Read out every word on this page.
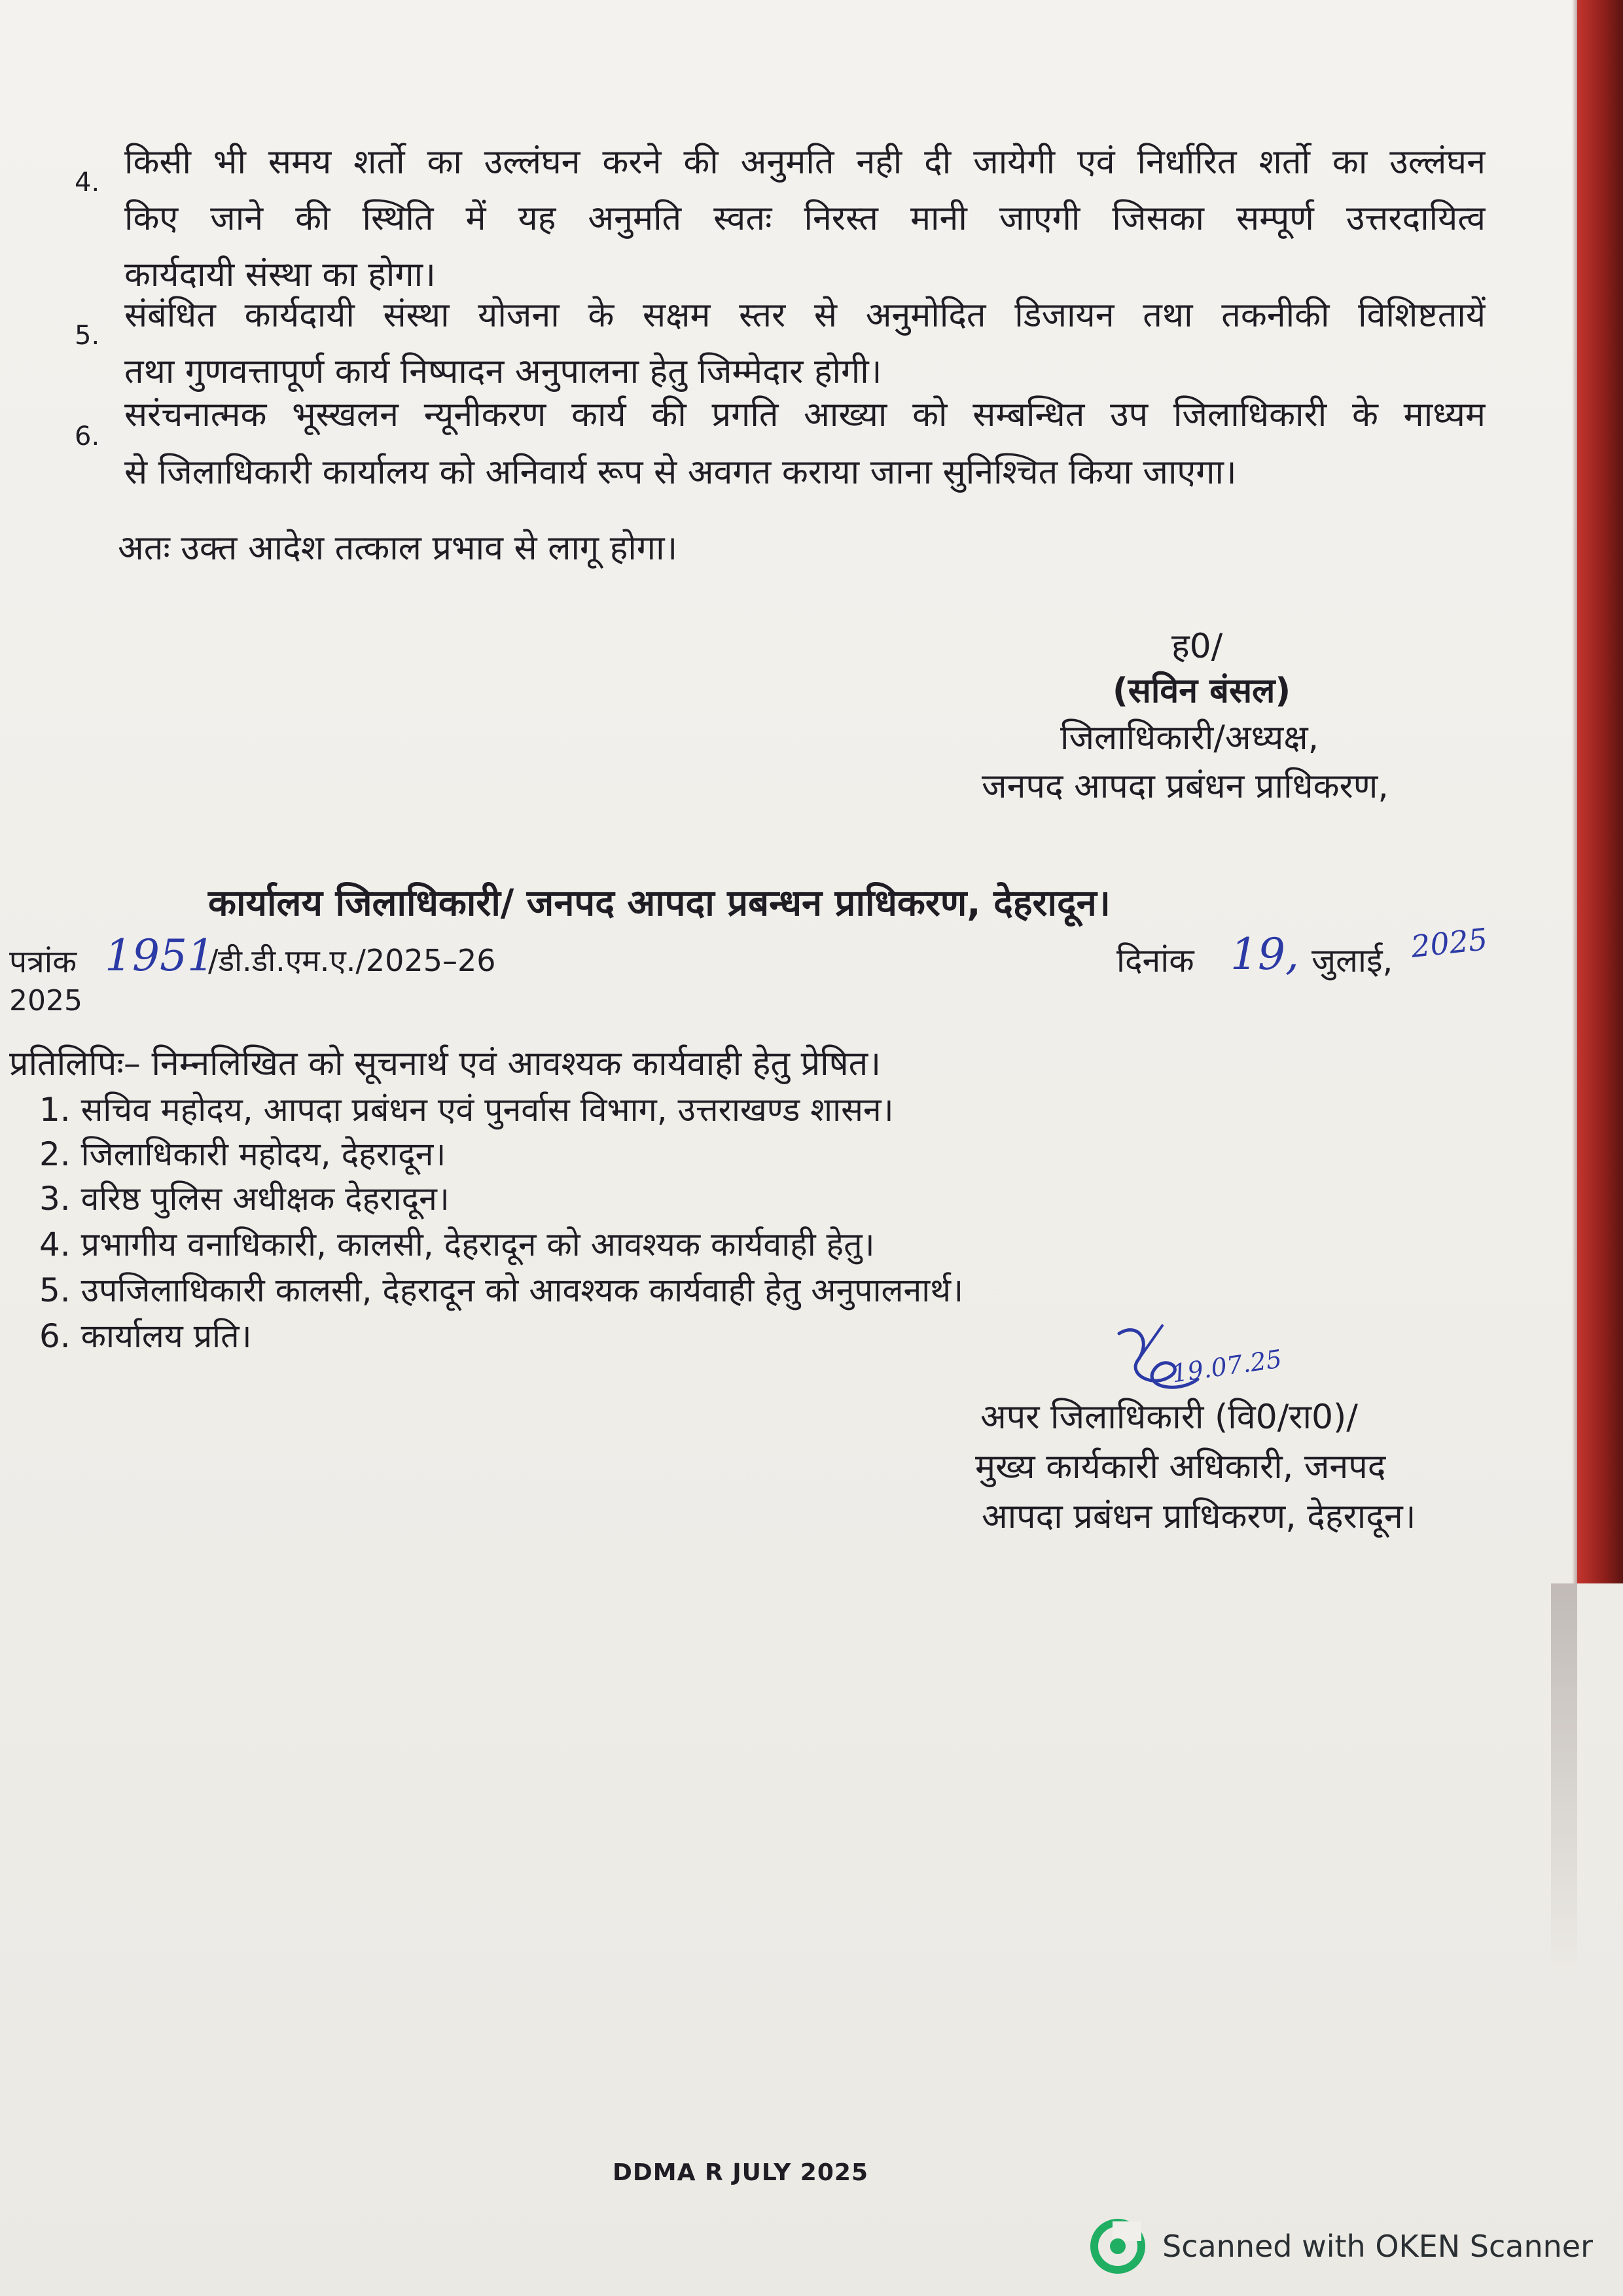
4.
किसी भी समय शर्तो का उल्लंघन करने की अनुमति नही दी जायेगी एवं निर्धारित शर्तो का उल्लंघन
किए जाने की स्थिति में यह अनुमति स्वतः निरस्त मानी जाएगी जिसका सम्पूर्ण उत्तरदायित्व
कार्यदायी संस्था का होगा।
5.
संबंधित कार्यदायी संस्था योजना के सक्षम स्तर से अनुमोदित डिजायन तथा तकनीकी विशिष्टतायें
तथा गुणवत्तापूर्ण कार्य निष्पादन अनुपालना हेतु जिम्मेदार होगी।
6.
सरंचनात्मक भूस्खलन न्यूनीकरण कार्य की प्रगति आख्या को सम्बन्धित उप जिलाधिकारी के माध्यम
से जिलाधिकारी कार्यालय को अनिवार्य रूप से अवगत कराया जाना सुनिश्चित किया जाएगा।
अतः उक्त आदेश तत्काल प्रभाव से लागू होगा।
ह0/
(सविन बंसल)
जिलाधिकारी/अध्यक्ष,
जनपद आपदा प्रबंधन प्राधिकरण,
कार्यालय जिलाधिकारी/ जनपद आपदा प्रबन्धन प्राधिकरण, देहरादून।
पत्रांक 1951
/डी.डी.एम.ए./2025–26
2025
दिनांक 19, जुलाई, 2025
प्रतिलिपिः– निम्नलिखित को सूचनार्थ एवं आवश्यक कार्यवाही हेतु प्रेषित।
1. सचिव महोदय, आपदा प्रबंधन एवं पुनर्वास विभाग, उत्तराखण्ड शासन।
2. जिलाधिकारी महोदय, देहरादून।
3. वरिष्ठ पुलिस अधीक्षक देहरादून।
4. प्रभागीय वनाधिकारी, कालसी, देहरादून को आवश्यक कार्यवाही हेतु।
5. उपजिलाधिकारी कालसी, देहरादून को आवश्यक कार्यवाही हेतु अनुपालनार्थ।
6. कार्यालय प्रति।
19.07.25
अपर जिलाधिकारी (वि0/रा0)/
मुख्य कार्यकारी अधिकारी, जनपद
आपदा प्रबंधन प्राधिकरण, देहरादून।
DDMA R JULY 2025
Scanned with OKEN Scanner
